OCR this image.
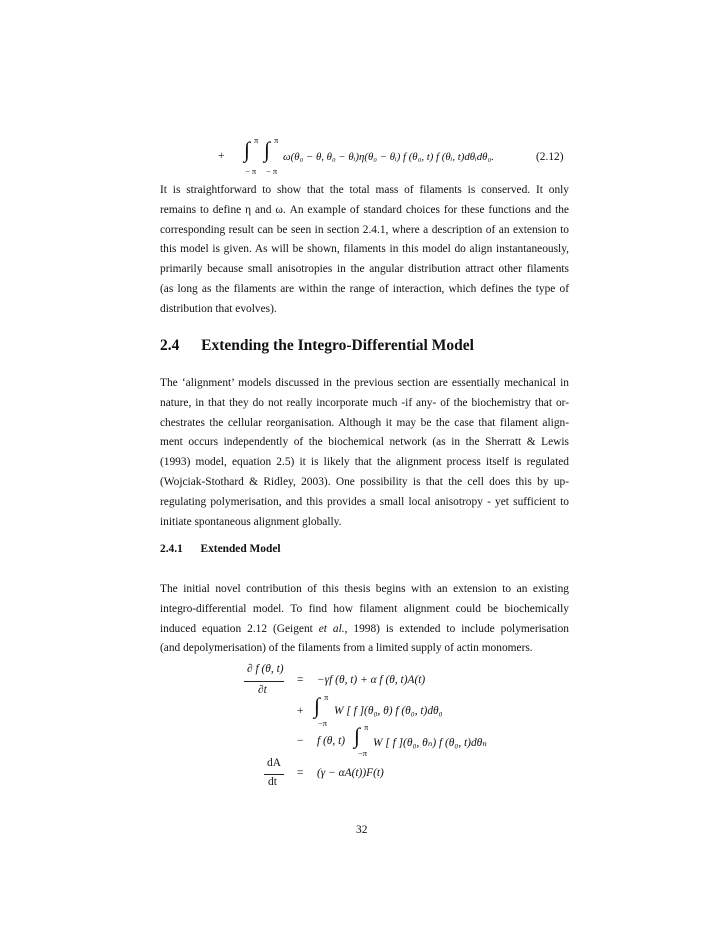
+ ∫ π
− π
∫ π
− π
ω(θ₀ − θ, θ₀ − θᵢ)η(θ₀ − θᵢ) f (θ₀, t) f (θᵢ, t)dθᵢdθ₀.	(2.12)
It is straightforward to show that the total mass of filaments is conserved. It only
remains to define η and ω. An example of standard choices for these functions and the
corresponding result can be seen in section 2.4.1, where a description of an extension to
this model is given. As will be shown, filaments in this model do align instantaneously,
primarily because small anisotropies in the angular distribution attract other filaments
(as long as the filaments are within the range of interaction, which defines the type of
distribution that evolves).
2.4 Extending the Integro-Differential Model
The ‘alignment’ models discussed in the previous section are essentially mechanical in
nature, in that they do not really incorporate much -if any- of the biochemistry that or-
chestrates the cellular reorganisation. Although it may be the case that filament align-
ment occurs independently of the biochemical network (as in the Sherratt & Lewis
(1993) model, equation 2.5) it is likely that the alignment process itself is regulated
(Wojciak-Stothard & Ridley, 2003). One possibility is that the cell does this by up-
regulating polymerisation, and this provides a small local anisotropy - yet sufficient to
initiate spontaneous alignment globally.
2.4.1 Extended Model
The initial novel contribution of this thesis begins with an extension to an existing
integro-differential model. To find how filament alignment could be biochemically
induced equation 2.12 (Geigent et al., 1998) is extended to include polymerisation
(and depolymerisation) of the filaments from a limited supply of actin monomers.
∂ f (θ, t)
∂t
= −γf (θ, t) + α f (θ, t)A(t)
+ ∫ π
−π
W [ f ](θ₀, θ) f (θ₀, t)dθ₀
− f (θ, t) ∫ π
−π
W [ f ](θ₀, θₙ) f (θ₀, t)dθₙ
dA
dt
= (γ − αA(t))F(t)
32
